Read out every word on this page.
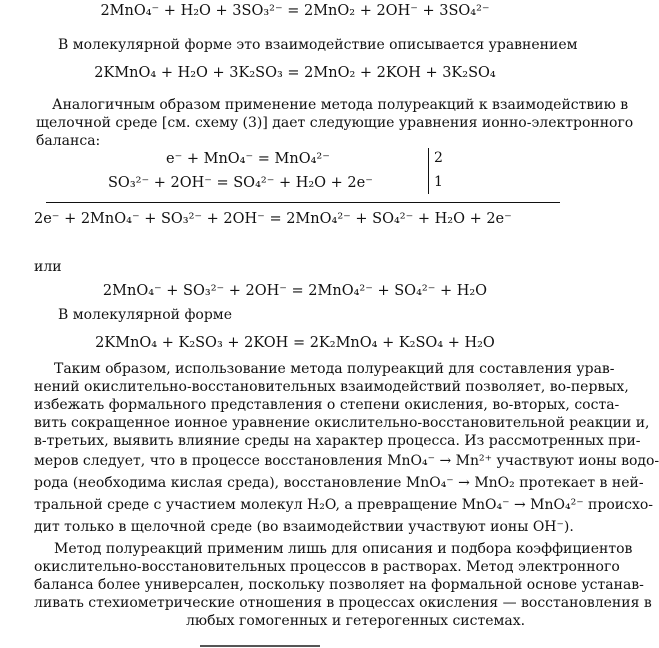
2MnO₄⁻ + H₂O + 3SO₃²⁻ = 2MnO₂ + 2OH⁻ + 3SO₄²⁻
В молекулярной форме это взаимодействие описывается уравнением
2KMnO₄ + H₂O + 3K₂SO₃ = 2MnO₂ + 2KOH + 3K₂SO₄
Аналогичным образом применение метода полуреакций к взаимодействию в
щелочной среде [см. схему (3)] дает следующие уравнения ионно-электронного
баланса:
e⁻ + MnO₄⁻ = MnO₄²⁻
SO₃²⁻ + 2OH⁻ = SO₄²⁻ + H₂O + 2e⁻
2
1
2e⁻ + 2MnO₄⁻ + SO₃²⁻ + 2OH⁻ = 2MnO₄²⁻ + SO₄²⁻ + H₂O + 2e⁻
или
2MnO₄⁻ + SO₃²⁻ + 2OH⁻ = 2MnO₄²⁻ + SO₄²⁻ + H₂O
В молекулярной форме
2KMnO₄ + K₂SO₃ + 2KOH = 2K₂MnO₄ + K₂SO₄ + H₂O
Таким образом, использование метода полуреакций для составления урав-
нений окислительно-восстановительных взаимодействий позволяет, во-первых,
избежать формального представления о степени окисления, во-вторых, соста-
вить сокращенное ионное уравнение окислительно-восстановительной реакции и,
в-третьих, выявить влияние среды на характер процесса. Из рассмотренных при-
меров следует, что в процессе восстановления MnO₄⁻ → Mn²⁺ участвуют ионы водо-
рода (необходима кислая среда), восстановление MnO₄⁻ → MnO₂ протекает в ней-
тральной среде с участием молекул H₂O, а превращение MnO₄⁻ → MnO₄²⁻ происхо-
дит только в щелочной среде (во взаимодействии участвуют ионы OH⁻).
Метод полуреакций применим лишь для описания и подбора коэффициентов
окислительно-восстановительных процессов в растворах. Метод электронного
баланса более универсален, поскольку позволяет на формальной основе устанав-
ливать стехиометрические отношения в процессах окисления — восстановления в
любых гомогенных и гетерогенных системах.
